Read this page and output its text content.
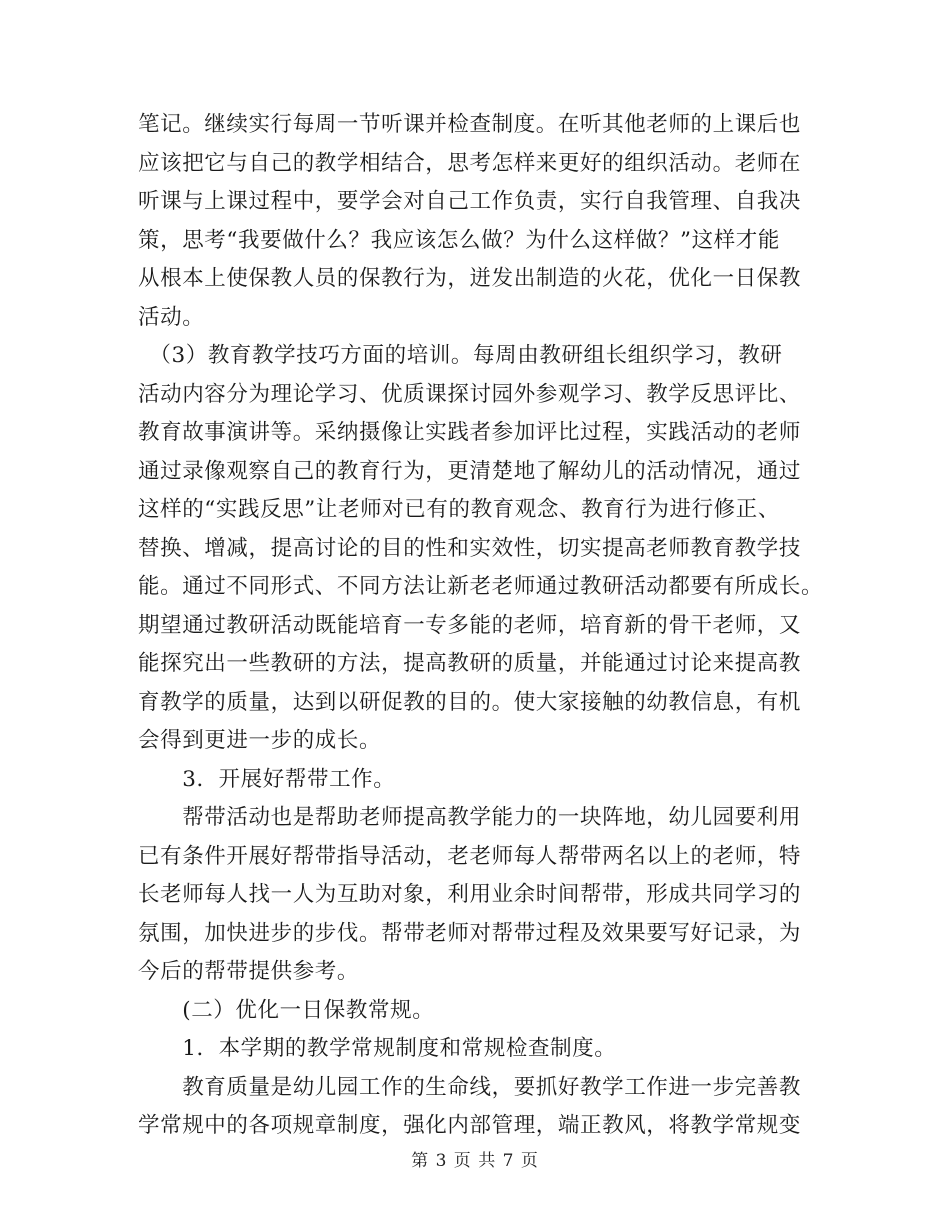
笔记。继续实行每周一节听课并检查制度。在听其他老师的上课后也
应该把它与自己的教学相结合，思考怎样来更好的组织活动。老师在
听课与上课过程中，要学会对自己工作负责，实行自我管理、自我决
策，思考“我要做什么？我应该怎么做？为什么这样做？”这样才能
从根本上使保教人员的保教行为，迸发出制造的火花，优化一日保教
活动。
　（3）教育教学技巧方面的培训。每周由教研组长组织学习，教研
活动内容分为理论学习、优质课探讨园外参观学习、教学反思评比、
教育故事演讲等。采纳摄像让实践者参加评比过程，实践活动的老师
通过录像观察自己的教育行为，更清楚地了解幼儿的活动情况，通过
这样的“实践反思”让老师对已有的教育观念、教育行为进行修正、
替换、增减，提高讨论的目的性和实效性，切实提高老师教育教学技
能。通过不同形式、不同方法让新老老师通过教研活动都要有所成长。
期望通过教研活动既能培育一专多能的老师，培育新的骨干老师，又
能探究出一些教研的方法，提高教研的质量，并能通过讨论来提高教
育教学的质量，达到以研促教的目的。使大家接触的幼教信息，有机
会得到更进一步的成长。
　　3．开展好帮带工作。
　　帮带活动也是帮助老师提高教学能力的一块阵地，幼儿园要利用
已有条件开展好帮带指导活动，老老师每人帮带两名以上的老师，特
长老师每人找一人为互助对象，利用业余时间帮带，形成共同学习的
氛围，加快进步的步伐。帮带老师对帮带过程及效果要写好记录，为
今后的帮带提供参考。
　　(二）优化一日保教常规。
　　1．本学期的教学常规制度和常规检查制度。
　　教育质量是幼儿园工作的生命线，要抓好教学工作进一步完善教
学常规中的各项规章制度，强化内部管理，端正教风，将教学常规变
第 3 页 共 7 页
